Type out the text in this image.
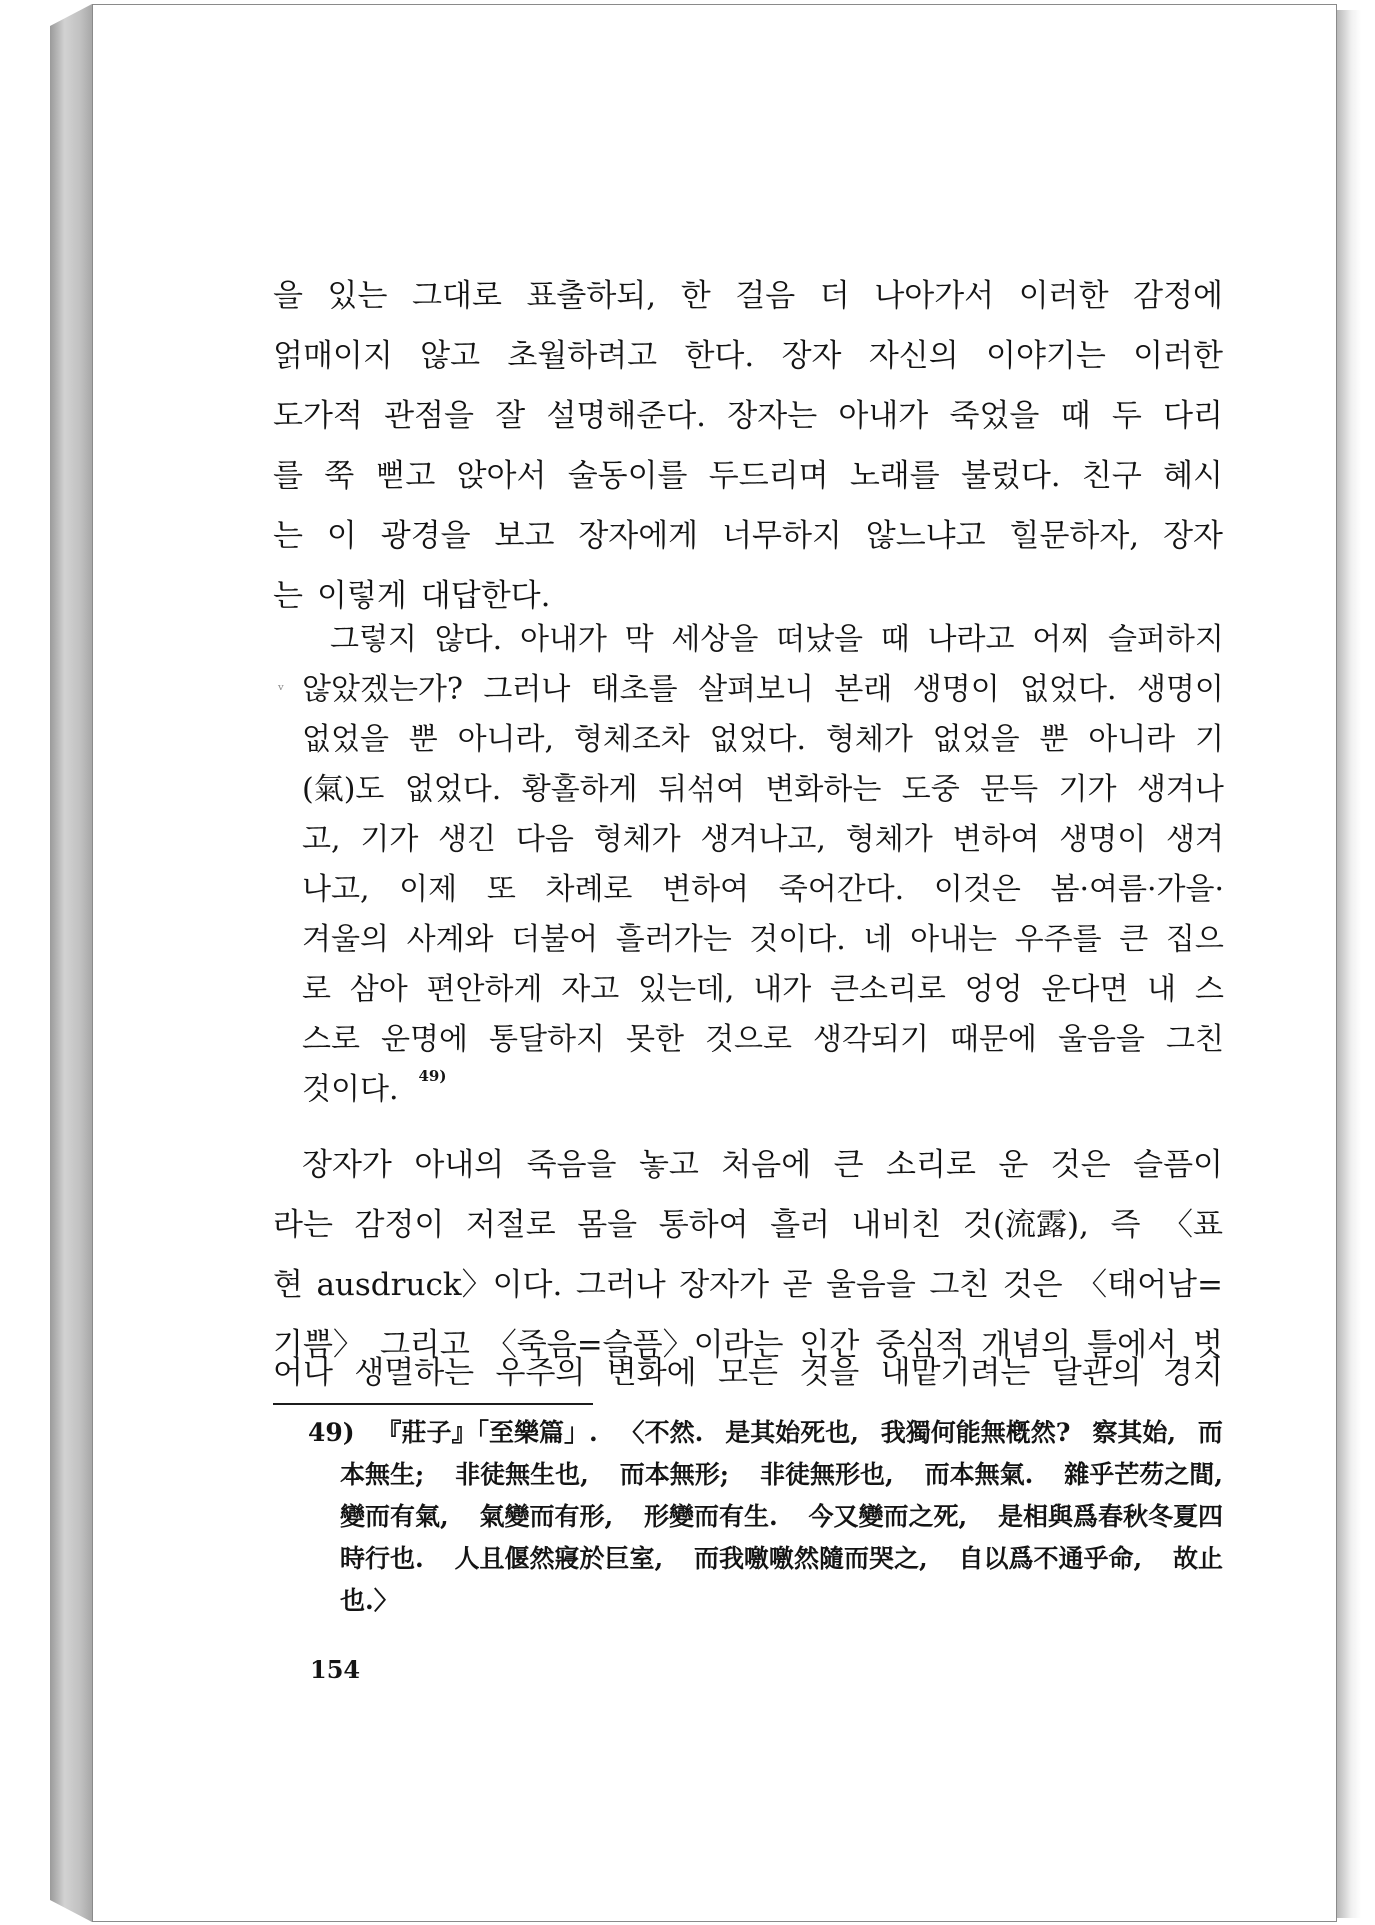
을 있는 그대로 표출하되, 한 걸음 더 나아가서 이러한 감정에
얽매이지 않고 초월하려고 한다. 장자 자신의 이야기는 이러한
도가적 관점을 잘 설명해준다. 장자는 아내가 죽었을 때 두 다리
를 쭉 뻗고 앉아서 술동이를 두드리며 노래를 불렀다. 친구 혜시
는 이 광경을 보고 장자에게 너무하지 않느냐고 힐문하자, 장자
는 이렇게 대답한다.
ᵛ
그렇지 않다. 아내가 막 세상을 떠났을 때 나라고 어찌 슬퍼하지
않았겠는가? 그러나 태초를 살펴보니 본래 생명이 없었다. 생명이
없었을 뿐 아니라, 형체조차 없었다. 형체가 없었을 뿐 아니라 기
(氣)도 없었다. 황홀하게 뒤섞여 변화하는 도중 문득 기가 생겨나
고, 기가 생긴 다음 형체가 생겨나고, 형체가 변하여 생명이 생겨
나고, 이제 또 차례로 변하여 죽어간다. 이것은 봄·여름·가을·
겨울의 사계와 더불어 흘러가는 것이다. 네 아내는 우주를 큰 집으
로 삼아 편안하게 자고 있는데, 내가 큰소리로 엉엉 운다면 내 스
스로 운명에 통달하지 못한 것으로 생각되기 때문에 울음을 그친
것이다. 49)
장자가 아내의 죽음을 놓고 처음에 큰 소리로 운 것은 슬픔이
라는 감정이 저절로 몸을 통하여 흘러 내비친 것(流露), 즉 〈표
현 ausdruck〉이다. 그러나 장자가 곧 울음을 그친 것은 〈태어남=
기쁨〉 그리고 〈죽음=슬픔〉이라는 인간 중심적 개념의 틀에서 벗
어나 생멸하는 우주의 변화에 모든 것을 내맡기려는 달관의 경지
49) 『莊子』「至樂篇」. 〈不然. 是其始死也, 我獨何能無槪然? 察其始, 而
本無生; 非徒無生也, 而本無形; 非徒無形也, 而本無氣. 雜乎芒芴之間,
變而有氣, 氣變而有形, 形變而有生. 今又變而之死, 是相與爲春秋冬夏四
時行也. 人且偃然寢於巨室, 而我噭噭然隨而哭之, 自以爲不通乎命, 故止
也.〉
154
